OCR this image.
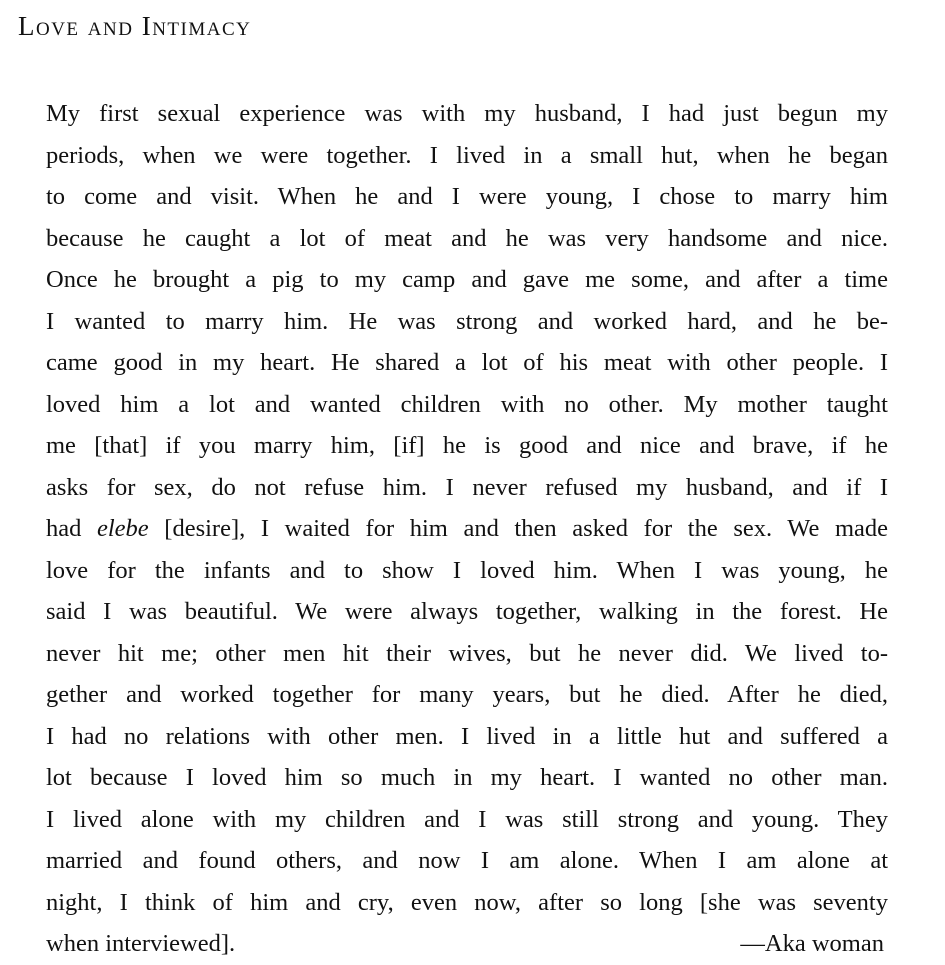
Love and Intimacy
My first sexual experience was with my husband, I had just begun my
periods, when we were together. I lived in a small hut, when he began
to come and visit. When he and I were young, I chose to marry him
because he caught a lot of meat and he was very handsome and nice.
Once he brought a pig to my camp and gave me some, and after a time
I wanted to marry him. He was strong and worked hard, and he be-
came good in my heart. He shared a lot of his meat with other people. I
loved him a lot and wanted children with no other. My mother taught
me [that] if you marry him, [if] he is good and nice and brave, if he
asks for sex, do not refuse him. I never refused my husband, and if I
had elebe [desire], I waited for him and then asked for the sex. We made
love for the infants and to show I loved him. When I was young, he
said I was beautiful. We were always together, walking in the forest. He
never hit me; other men hit their wives, but he never did. We lived to-
gether and worked together for many years, but he died. After he died,
I had no relations with other men. I lived in a little hut and suffered a
lot because I loved him so much in my heart. I wanted no other man.
I lived alone with my children and I was still strong and young. They
married and found others, and now I am alone. When I am alone at
night, I think of him and cry, even now, after so long [she was seventy
when interviewed].	—Aka woman
